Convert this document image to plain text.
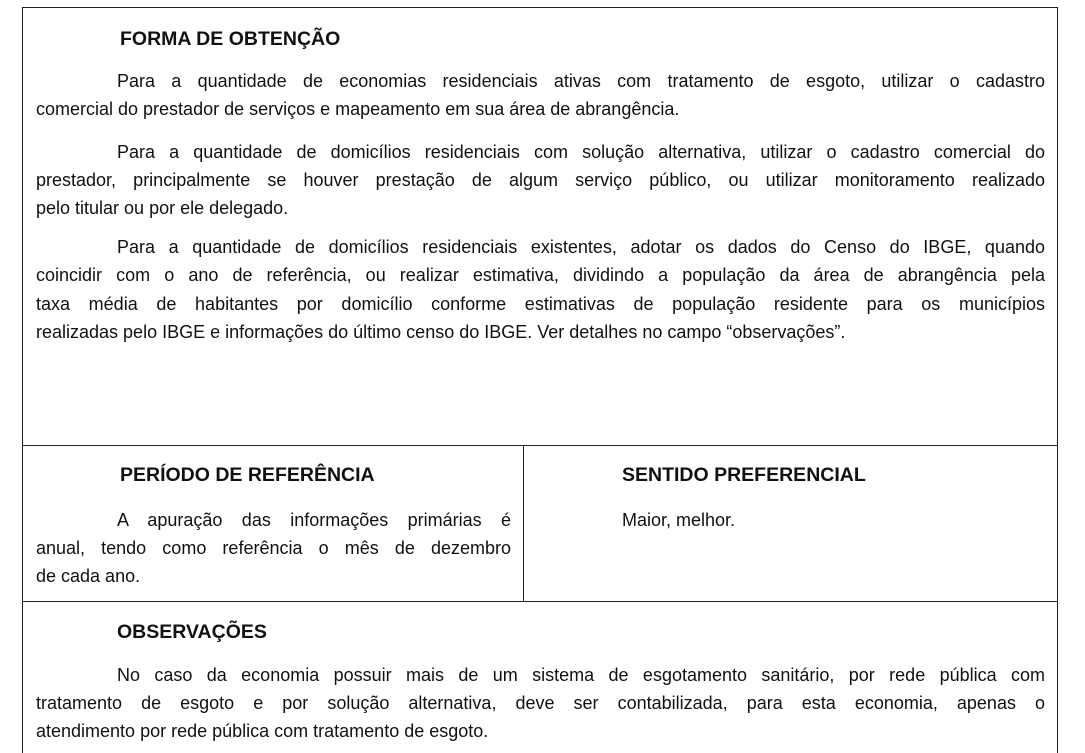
FORMA DE OBTENÇÃO
Para a quantidade de economias residenciais ativas com tratamento de esgoto, utilizar o cadastro
comercial do prestador de serviços e mapeamento em sua área de abrangência.
Para a quantidade de domicílios residenciais com solução alternativa, utilizar o cadastro comercial do
prestador, principalmente se houver prestação de algum serviço público, ou utilizar monitoramento realizado
pelo titular ou por ele delegado.
Para a quantidade de domicílios residenciais existentes, adotar os dados do Censo do IBGE, quando
coincidir com o ano de referência, ou realizar estimativa, dividindo a população da área de abrangência pela
taxa média de habitantes por domicílio conforme estimativas de população residente para os municípios
realizadas pelo IBGE e informações do último censo do IBGE. Ver detalhes no campo “observações”.
PERÍODO DE REFERÊNCIA
A apuração das informações primárias é
anual, tendo como referência o mês de dezembro
de cada ano.
SENTIDO PREFERENCIAL
Maior, melhor.
OBSERVAÇÕES
No caso da economia possuir mais de um sistema de esgotamento sanitário, por rede pública com
tratamento de esgoto e por solução alternativa, deve ser contabilizada, para esta economia, apenas o
atendimento por rede pública com tratamento de esgoto.
